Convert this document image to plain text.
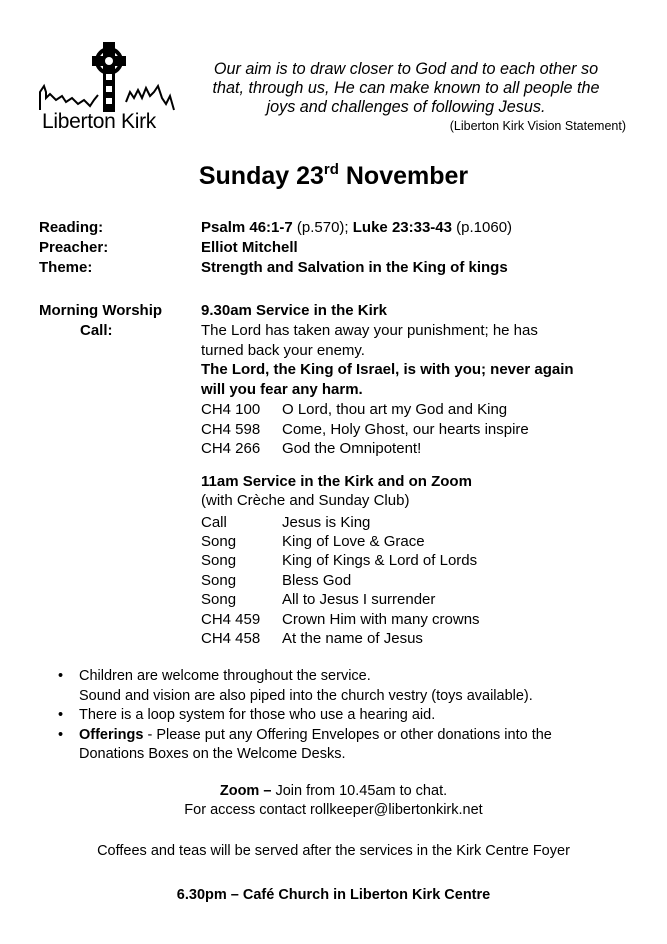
Liberton Kirk
Our aim is to draw closer to God and to each other so
that, through us, He can make known to all people the
joys and challenges of following Jesus.
(Liberton Kirk Vision Statement)
Sunday 23rd November
Reading:	Psalm 46:1-7 (p.570); Luke 23:33-43 (p.1060)
Preacher:	Elliot Mitchell
Theme:	Strength and Salvation in the King of kings
Morning Worship	9.30am Service in the Kirk
Call:	The Lord has taken away your punishment; he has
turned back your enemy.
The Lord, the King of Israel, is with you; never again
will you fear any harm.
CH4 100 O Lord, thou art my God and King
CH4 598 Come, Holy Ghost, our hearts inspire
CH4 266 God the Omnipotent!
11am Service in the Kirk and on Zoom
(with Crèche and Sunday Club)
Call	Jesus is King
Song	King of Love & Grace
Song	King of Kings & Lord of Lords
Song	Bless God
Song	All to Jesus I surrender
CH4 459 Crown Him with many crowns
CH4 458 At the name of Jesus
• Children are welcome throughout the service.
Sound and vision are also piped into the church vestry (toys available).
• There is a loop system for those who use a hearing aid.
• Offerings - Please put any Offering Envelopes or other donations into the
Donations Boxes on the Welcome Desks.
Zoom – Join from 10.45am to chat.
For access contact rollkeeper@libertonkirk.net
Coffees and teas will be served after the services in the Kirk Centre Foyer
6.30pm – Café Church in Liberton Kirk Centre
